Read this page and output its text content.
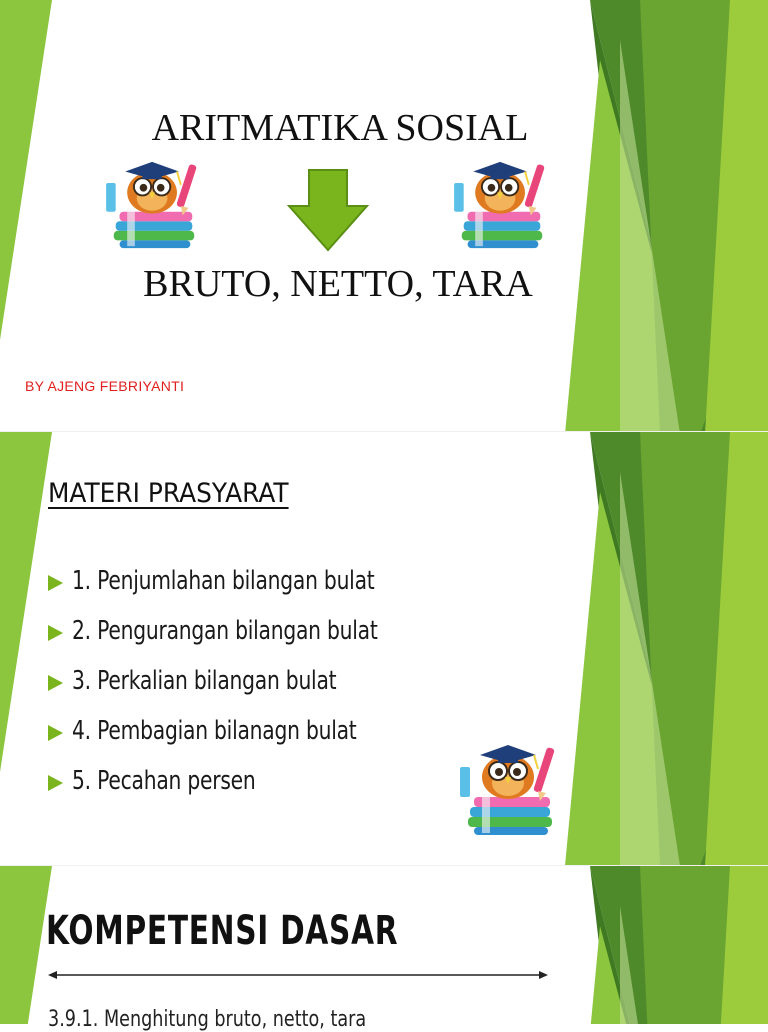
ARITMATIKA SOSIAL
BRUTO, NETTO, TARA
BY AJENG FEBRIYANTI
MATERI PRASYARAT
1. Penjumlahan bilangan bulat
2. Pengurangan bilangan bulat
3. Perkalian bilangan bulat
4. Pembagian bilanagn bulat
5. Pecahan persen
KOMPETENSI DASAR
3.9.1. Menghitung bruto, netto, tara
